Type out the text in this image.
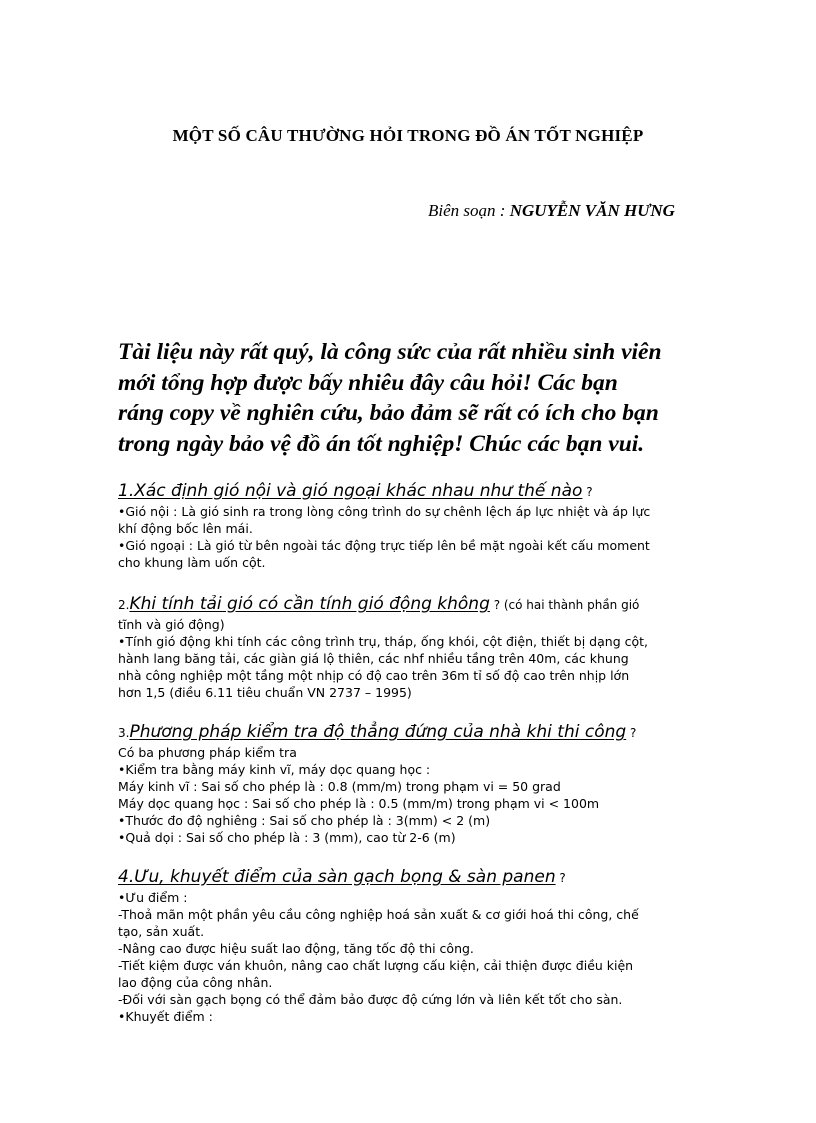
MỘT SỐ CÂU THƯỜNG HỎI TRONG ĐỒ ÁN TỐT NGHIỆP
Biên soạn : NGUYỄN VĂN HƯNG
Tài liệu này rất quý, là công sức của rất nhiều sinh viên
mới tổng hợp được bấy nhiêu đây câu hỏi! Các bạn
ráng copy về nghiên cứu, bảo đảm sẽ rất có ích cho bạn
trong ngày bảo vệ đồ án tốt nghiệp! Chúc các bạn vui.
1.Xác định gió nội và gió ngoại khác nhau như thế nào ?
•Gió nội : Là gió sinh ra trong lòng công trình do sự chênh lệch áp lực nhiệt và áp lực
khí động bốc lên mái.
•Gió ngoại : Là gió từ bên ngoài tác động trực tiếp lên bề mặt ngoài kết cấu moment
cho khung làm uốn cột.
2.Khi tính tải gió có cần tính gió động không ? (có hai thành phần gió
tĩnh và gió động)
•Tính gió động khi tính các công trình trụ, tháp, ống khói, cột điện, thiết bị dạng cột,
hành lang băng tải, các giàn giá lộ thiên, các nhf nhiều tầng trên 40m, các khung
nhà công nghiệp một tầng một nhịp có độ cao trên 36m tỉ số độ cao trên nhịp lớn
hơn 1,5 (điều 6.11 tiêu chuẩn VN 2737 – 1995)
3.Phương pháp kiểm tra độ thẳng đứng của nhà khi thi công ?
Có ba phương pháp kiểm tra
•Kiểm tra bằng máy kinh vĩ, máy dọc quang học :
Máy kinh vĩ : Sai số cho phép là : 0.8 (mm/m) trong phạm vi = 50 grad
Máy dọc quang học : Sai số cho phép là : 0.5 (mm/m) trong phạm vi < 100m
•Thước đo độ nghiêng : Sai số cho phép là : 3(mm) < 2 (m)
•Quả dọi : Sai số cho phép là : 3 (mm), cao từ 2-6 (m)
4.Ưu, khuyết điểm của sàn gạch bọng & sàn panen ?
•Ưu điểm :
-Thoả mãn một phần yêu cầu công nghiệp hoá sản xuất & cơ giới hoá thi công, chế
tạo, sản xuất.
-Nâng cao được hiệu suất lao động, tăng tốc độ thi công.
-Tiết kiệm được ván khuôn, nâng cao chất lượng cấu kiện, cải thiện được điều kiện
lao động của công nhân.
-Đối với sàn gạch bọng có thể đảm bảo được độ cứng lớn và liên kết tốt cho sàn.
•Khuyết điểm :
